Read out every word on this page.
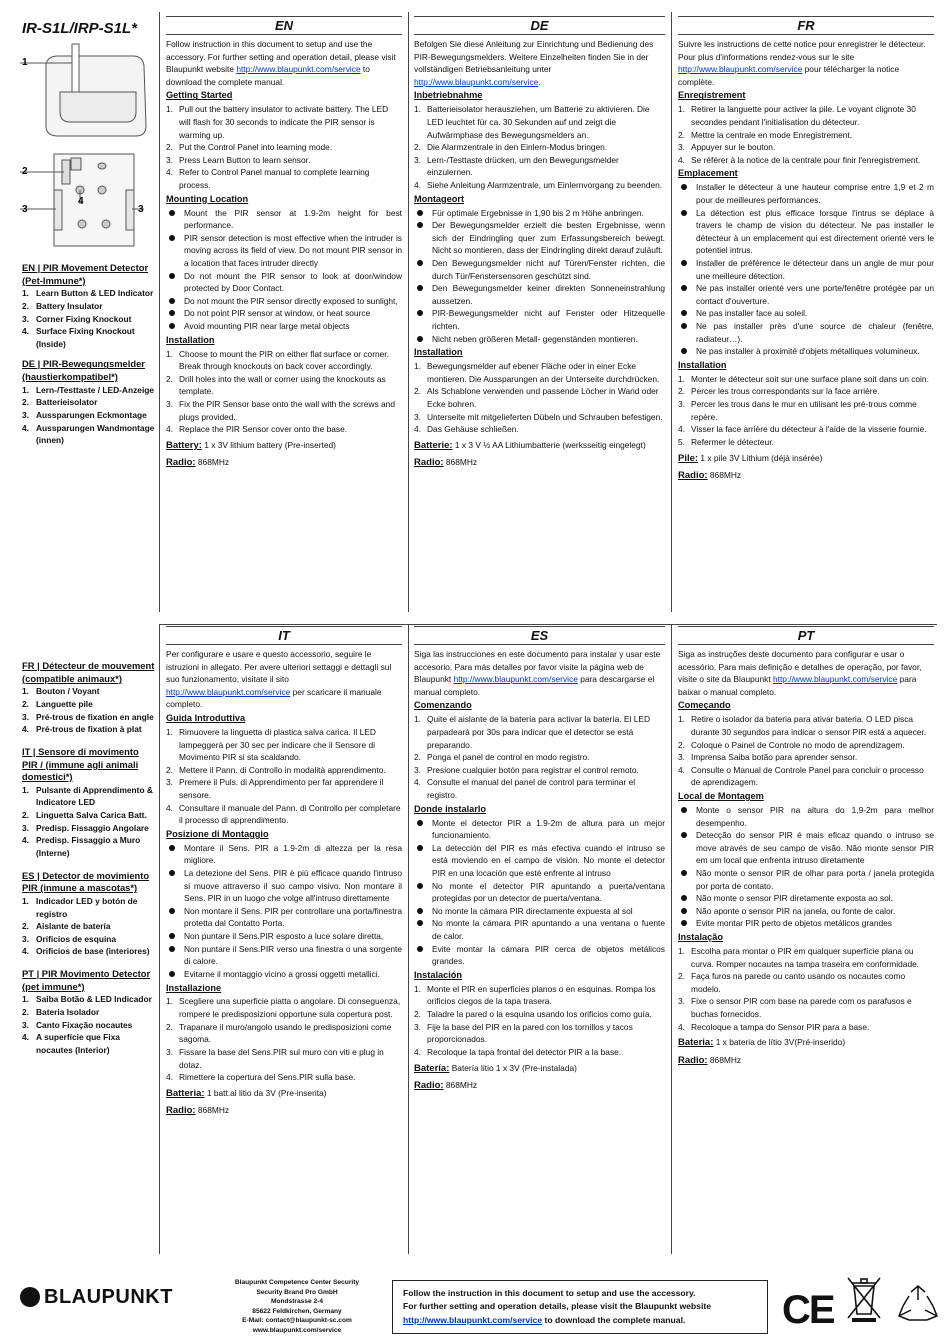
IR-S1L/IRP-S1L*
1
2
3	3
4
EN | PIR Movement Detector (Pet-Immune*)
1. Learn Button & LED Indicator
2. Battery Insulator
3. Corner Fixing Knockout
4. Surface Fixing Knockout (Inside)
DE | PIR-Bewegungsmelder (haustierkompatibel*)
1. Lern-/Testtaste / LED-Anzeige
2. Batterieisolator
3. Aussparungen Eckmontage
4. Aussparungen Wandmontage (innen)
FR | Détecteur de mouvement (compatible animaux*)
1. Bouton / Voyant
2. Languette pile
3. Pré-trous de fixation en angle
4. Pré-trous de fixation à plat
IT | Sensore di movimento PIR / (immune agli animali domestici*)
1. Pulsante di Apprendimento & Indicatore LED
2. Linguetta Salva Carica Batt.
3. Predisp. Fissaggio Angolare
4. Predisp. Fissaggio a Muro (Interne)
ES | Detector de movimiento PIR (inmune a mascotas*)
1. Indicador LED y botón de registro
2. Aislante de batería
3. Orificios de esquina
4. Orificios de base (interiores)
PT | PIR Movimento Detector (pet immune*)
1. Saiba Botão & LED Indicador
2. Bateria Isolador
3. Canto Fixação nocautes
4. A superfície que Fixa nocautes (Interior)
EN
Follow instruction in this document to setup and use the accessory. For further setting and operation detail, please visit Blaupunkt website http://www.blaupunkt.com/service to download the complete manual.
Getting Started
1. Pull out the battery insulator to activate battery. The LED will flash for 30 seconds to indicate the PIR sensor is warming up.
2. Put the Control Panel into learning mode.
3. Press Learn Button to learn sensor.
4. Refer to Control Panel manual to complete learning process.
Mounting Location
Mount the PIR sensor at 1.9-2m height for best performance.
PIR sensor detection is most effective when the intruder is moving across its field of view. Do not mount PIR sensor in a location that faces intruder directly
Do not mount the PIR sensor to look at door/window protected by Door Contact.
Do not mount the PIR sensor directly exposed to sunlight,
Do not point PIR sensor at window, or heat source
Avoid mounting PIR near large metal objects
Installation
1. Choose to mount the PIR on either flat surface or corner. Break through knockouts on back cover accordingly.
2. Drill holes into the wall or corner using the knockouts as template.
3. Fix the PIR Sensor base onto the wall with the screws and plugs provided.
4. Replace the PIR Sensor cover onto the base.
Battery: 1 x 3V lithium battery (Pre-inserted)
Radio: 868MHz
DE
Befolgen Sie diese Anleitung zur Einrichtung und Bedienung des PIR-Bewegungsmelders. Weitere Einzelheiten finden Sie in der vollständigen Betriebsanleitung unter http://www.blaupunkt.com/service.
Inbetriebnahme
1. Batterieisolator herausziehen, um Batterie zu aktivieren. Die LED leuchtet für ca. 30 Sekunden auf und zeigt die Aufwärmphase des Bewegungsmelders an.
2. Die Alarmzentrale in den Einlern-Modus bringen.
3. Lern-/Testtaste drücken, um den Bewegungsmelder einzulernen.
4. Siehe Anleitung Alarmzentrale, um Einlernvorgang zu beenden.
Montageort
Für optimale Ergebnisse in 1,90 bis 2 m Höhe anbringen.
Der Bewegungsmelder erzielt die besten Ergebnisse, wenn sich der Eindringling quer zum Erfassungsbereich bewegt. Nicht so montieren, dass der Eindringling direkt darauf zuläuft.
Den Bewegungsmelder nicht auf Türen/Fenster richten, die durch Tür/Fenstersensoren geschützt sind.
Den Bewegungsmelder keiner direkten Sonneneinstrahlung aussetzen.
PIR-Bewegungsmelder nicht auf Fenster oder Hitzequelle richten.
Nicht neben größeren Metall- gegenständen montieren.
Installation
1. Bewegungsmelder auf ebener Fläche oder in einer Ecke montieren. Die Aussparungen an der Unterseite durchdrücken.
2. Als Schablone verwenden und passende Löcher in Wand oder Ecke bohren.
3. Unterseite mit mitgelieferten Dübeln und Schrauben befestigen.
4. Das Gehäuse schließen.
Batterie: 1 x 3 V ½ AA Lithiumbatterie (werksseitig eingelegt)
Radio: 868MHz
FR
Suivre les instructions de cette notice pour enregistrer le détecteur. Pour plus d'informations rendez-vous sur le site http://www.blaupunkt.com/service pour télécharger la notice complète.
Enregistrement
1. Retirer la languette pour activer la pile. Le voyant clignote 30 secondes pendant l'initialisation du détecteur.
2. Mettre la centrale en mode Enregistrement.
3. Appuyer sur le bouton.
4. Se référer à la notice de la centrale pour finir l'enregistrement.
Emplacement
Installer le détecteur à une hauteur comprise entre 1,9 et 2 m pour de meilleures performances.
La détection est plus efficace lorsque l'intrus se déplace à travers le champ de vision du détecteur. Ne pas installer le détecteur à un emplacement qui est directement orienté vers le potentiel intrus.
Installer de préférence le détecteur dans un angle de mur pour une meilleure détection.
Ne pas installer orienté vers une porte/fenêtre protégée par un contact d'ouverture.
Ne pas installer face au soleil.
Ne pas installer près d'une source de chaleur (fenêtre, radiateur…).
Ne pas installer à proximité d'objets métalliques volumineux.
Installation
1. Monter le détecteur soit sur une surface plane soit dans un coin.
2. Percer les trous correspondants sur la face arrière.
3. Percer les trous dans le mur en utilisant les pré-trous comme repère.
4. Visser la face arrière du détecteur à l'aide de la visserie fournie.
5. Refermer le détecteur.
Pile: 1 x pile 3V Lithium (déjà insérée)
Radio: 868MHz
IT
Per configurare e usare e questo accessorio, seguire le istruzioni in allegato. Per avere ulteriori settaggi e dettagli sul suo funzionamento, visitate il sito http://www.blaupunkt.com/service per scaricare il manuale completo.
Guida Introduttiva
1. Rimuovere la linguetta di plastica salva carica. Il LED lampeggerà per 30 sec per indicare che il Sensore di Movimento PIR si sta scaldando.
2. Mettere il Pann. di Controllo in modalità apprendimento.
3. Premere il Puls. di Apprendimento per far apprendere il sensore.
4. Consultare il manuale del Pann. di Controllo per completare il processo di apprendimento.
Posizione di Montaggio
Montare il Sens. PIR a 1.9-2m di altezza per la resa migliore.
La detezione del Sens. PIR è più efficace quando l'intruso si muove attraverso il suo campo visivo. Non montare il Sens. PIR in un luogo che volge all'intruso direttamente
Non montare il Sens. PIR per controllare una porta/finestra protetta dal Contatto Porta.
Non puntare il Sens.PIR esposto a luce solare diretta,
Non puntare il Sens.PIR verso una finestra o una sorgente di calore.
Evitarne il montaggio vicino a grossi oggetti metallici.
Installazione
1. Scegliere una superficie piatta o angolare. Di conseguenza, rompere le predisposizioni opportune sula copertura post.
2. Trapanare il muro/angolo usando le predisposizioni come sagoma.
3. Fissare la base del Sens.PIR sul muro con viti e plug in dotaz.
4. Rimettere la copertura del Sens.PIR sulla base.
Batteria: 1 batt.al litio da 3V (Pre-inserita)
Radio: 868MHz
ES
Siga las instrucciones en este documento para instalar y usar este accesorio. Para más detalles por favor visite la página web de Blaupunkt http://www.blaupunkt.com/service para descargarse el manual completo.
Comenzando
1. Quite el aislante de la batería para activar la batería. El LED parpadeará por 30s para indicar que el detector se está preparando.
2. Ponga el panel de control en modo registro.
3. Presione cualquier botón para registrar el control remoto.
4. Consulte el manual del panel de control para terminar el registro.
Donde instalarlo
Monte el detector PIR a 1.9-2m de altura para un mejor funcionamiento.
La detección del PIR es más efectiva cuando el intruso se está moviendo en el campo de visión. No monte el detector PIR en una locación que esté enfrente al intruso
No monte el detector PIR apuntando a puerta/ventana protegidas por un detector de puerta/ventana.
No monte la cámara PIR directamente expuesta al sol
No monte la cámara PIR apuntando a una ventana o fuente de calor.
Evite montar la cámara PIR cerca de objetos metálicos grandes.
Instalación
1. Monte el PIR en superficies planos o en esquinas. Rompa los orificios ciegos de la tapa trasera.
2. Taladre la pared o la esquina usando los orificios como guía.
3. Fije la base del PIR en la pared con los tornillos y tacos proporcionados.
4. Recoloque la tapa frontal del detector PIR a la base.
Batería: Batería litio 1 x 3V (Pre-instalada)
Radio: 868MHz
PT
Siga as instruções deste documento para configurar e usar o acessório. Para mais definição e detalhes de operação, por favor, visite o site da Blaupunkt http://www.blaupunkt.com/service para baixar o manual completo.
Começando
1. Retire o isolador da bateria para ativar bateria. O LED pisca durante 30 segundos para indicar o sensor PIR está a aquecer.
2. Coloque o Painel de Controle no modo de aprendizagem.
3. Imprensa Saiba botão para aprender sensor.
4. Consulte o Manual de Controle Panel para concluir o processo de aprendizagem.
Local de Montagem
Monte o sensor PIR na altura do 1,9-2m para melhor desempenho.
Detecção do sensor PIR é mais eficaz quando o intruso se move através de seu campo de visão. Não monte sensor PIR em um local que enfrenta intruso diretamente
Não monte o sensor PIR de olhar para porta / janela protegida por porta de contato.
Não monte o sensor PIR diretamente exposta ao sol.
Não aponte o sensor PIR na janela, ou fonte de calor.
Evite montar PIR perto de objetos metálicos grandes
Instalação
1. Escolha para montar o PIR em qualquer superfície plana ou curva. Romper nocautes na tampa traseira em conformidade.
2. Faça furos na parede ou canto usando os nocautes como modelo.
3. Fixe o sensor PIR com base na parede com os parafusos e buchas fornecidos.
4. Recoloque a tampa do Sensor PIR para a base.
Bateria: 1 x bateria de lítio 3V(Pré-inserido)
Radio: 868MHz
BLAUPUNKT
Blaupunkt Competence Center Security
Security Brand Pro GmbH
Mondstrasse 2-4
85622 Feldkirchen, Germany
E-Mail: contact@blaupunkt-sc.com
www.blaupunkt.com/service
Follow the instruction in this document to setup and use the accessory.
For further setting and operation details, please visit the Blaupunkt website
http://www.blaupunkt.com/service to download the complete manual.	CE
